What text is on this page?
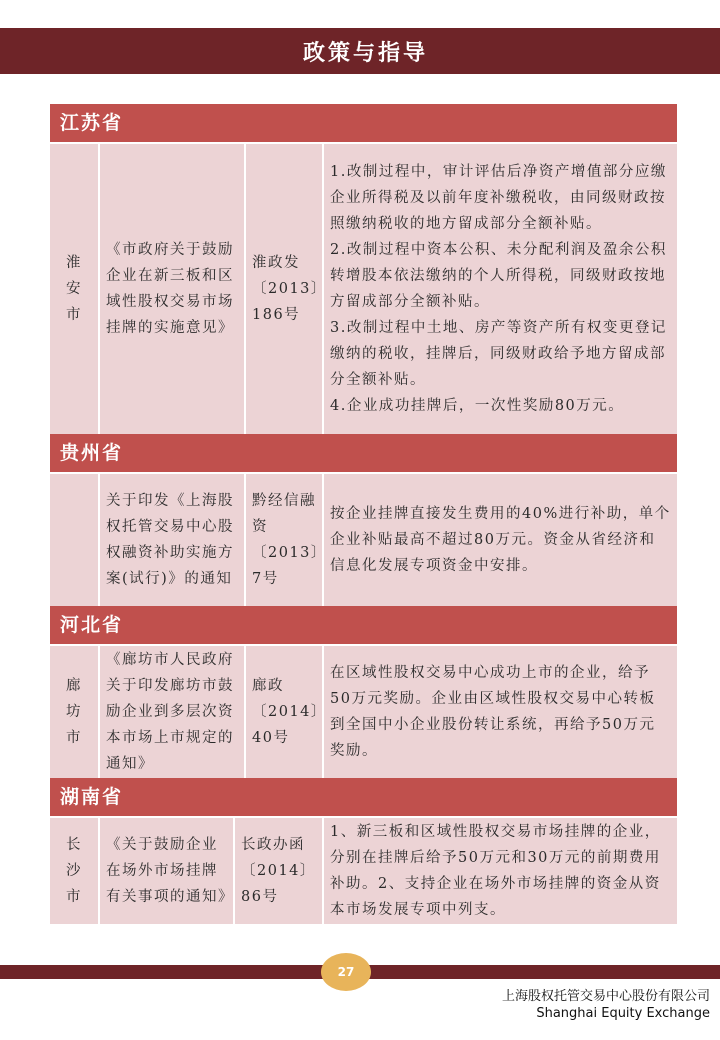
政策与指导
江苏省
淮安市
《市政府关于鼓励企业在新三板和区域性股权交易市场挂牌的实施意见》
淮政发〔2013〕186号
1.改制过程中，审计评估后净资产增值部分应缴企业所得税及以前年度补缴税收，由同级财政按照缴纳税收的地方留成部分全额补贴。
2.改制过程中资本公积、未分配利润及盈余公积转增股本依法缴纳的个人所得税，同级财政按地方留成部分全额补贴。
3.改制过程中土地、房产等资产所有权变更登记缴纳的税收，挂牌后，同级财政给予地方留成部分全额补贴。
4.企业成功挂牌后，一次性奖励80万元。
贵州省
关于印发《上海股权托管交易中心股权融资补助实施方案(试行)》的通知
黔经信融资〔2013〕7号
按企业挂牌直接发生费用的40%进行补助，单个企业补贴最高不超过80万元。资金从省经济和信息化发展专项资金中安排。
河北省
廊坊市
《廊坊市人民政府关于印发廊坊市鼓励企业到多层次资本市场上市规定的通知》
廊政〔2014〕40号
在区域性股权交易中心成功上市的企业，给予50万元奖励。企业由区域性股权交易中心转板到全国中小企业股份转让系统，再给予50万元奖励。
湖南省
长沙市
《关于鼓励企业在场外市场挂牌有关事项的通知》
长政办函〔2014〕86号
1、新三板和区域性股权交易市场挂牌的企业，分别在挂牌后给予50万元和30万元的前期费用补助。2、支持企业在场外市场挂牌的资金从资本市场发展专项中列支。
27
上海股权托管交易中心股份有限公司
Shanghai Equity Exchange
